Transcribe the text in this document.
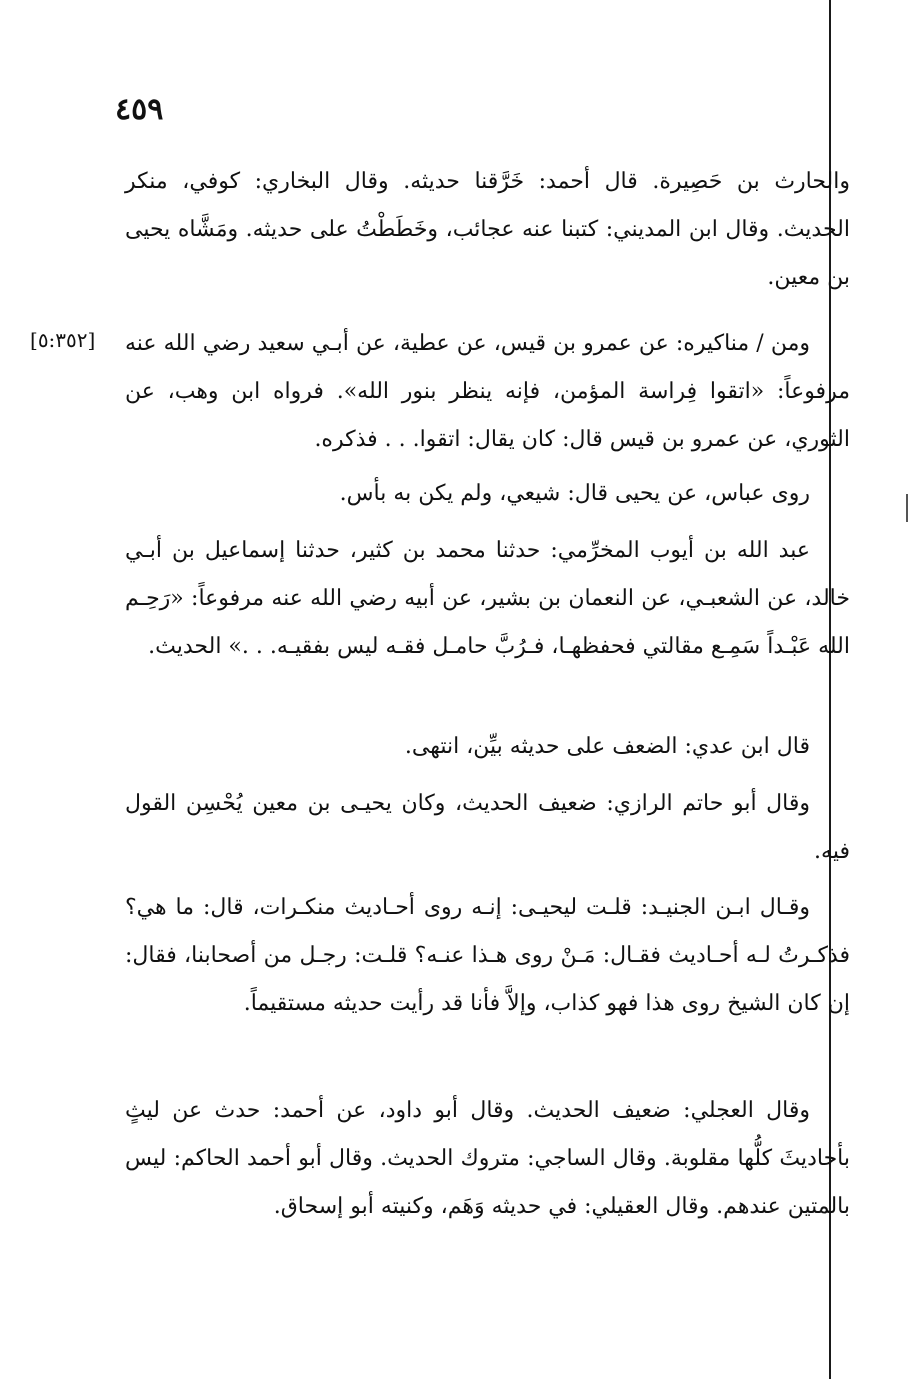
٤٥٩
[٥:٣٥٢]

والحارث بن حَصِيرة. قال أحمد: خَرَّقنا حديثه. وقال البخاري: كوفي، منكر الحديث. وقال ابن المديني: كتبنا عنه عجائب، وخَطَطْتُ على حديثه. ومَشَّاه يحيى بن معين.

ومن / مناكيره: عن عمرو بن قيس، عن عطية، عن أبـي سعيد رضي الله عنه مرفوعاً: «اتقوا فِراسة المؤمن، فإنه ينظر بنور الله». فرواه ابن وهب، عن الثوري، عن عمرو بن قيس قال: كان يقال: اتقوا. . . فذكره.

روى عباس، عن يحيى قال: شيعي، ولم يكن به بأس.

عبد الله بن أيوب المخرِّمي: حدثنا محمد بن كثير، حدثنا إسماعيل بن أبـي خالد، عن الشعبـي، عن النعمان بن بشير، عن أبيه رضي الله عنه مرفوعاً: «رَحِـم الله عَبْـداً سَمِـع مقالتي فحفظهـا، فـرُبَّ حامـل فقـه ليس بفقيـه. . .» الحديث.

قال ابن عدي: الضعف على حديثه بيِّن، انتهى.

وقال أبو حاتم الرازي: ضعيف الحديث، وكان يحيـى بن معين يُحْسِن القول فيه.

وقـال ابـن الجنيـد: قلـت ليحيـى: إنـه روى أحـاديث منكـرات، قال: ما هي؟ فذكـرتُ لـه أحـاديث فقـال: مَـنْ روى هـذا عنـه؟ قلـت: رجـل من أصحابنا، فقال: إن كان الشيخ روى هذا فهو كذاب، وإلاَّ فأنا قد رأيت حديثه مستقيماً.

وقال العجلي: ضعيف الحديث. وقال أبو داود، عن أحمد: حدث عن ليثٍ بأحاديثَ كلُّها مقلوبة. وقال الساجي: متروك الحديث. وقال أبو أحمد الحاكم: ليس بالمتين عندهم. وقال العقيلي: في حديثه وَهَم، وكنيته أبو إسحاق.
